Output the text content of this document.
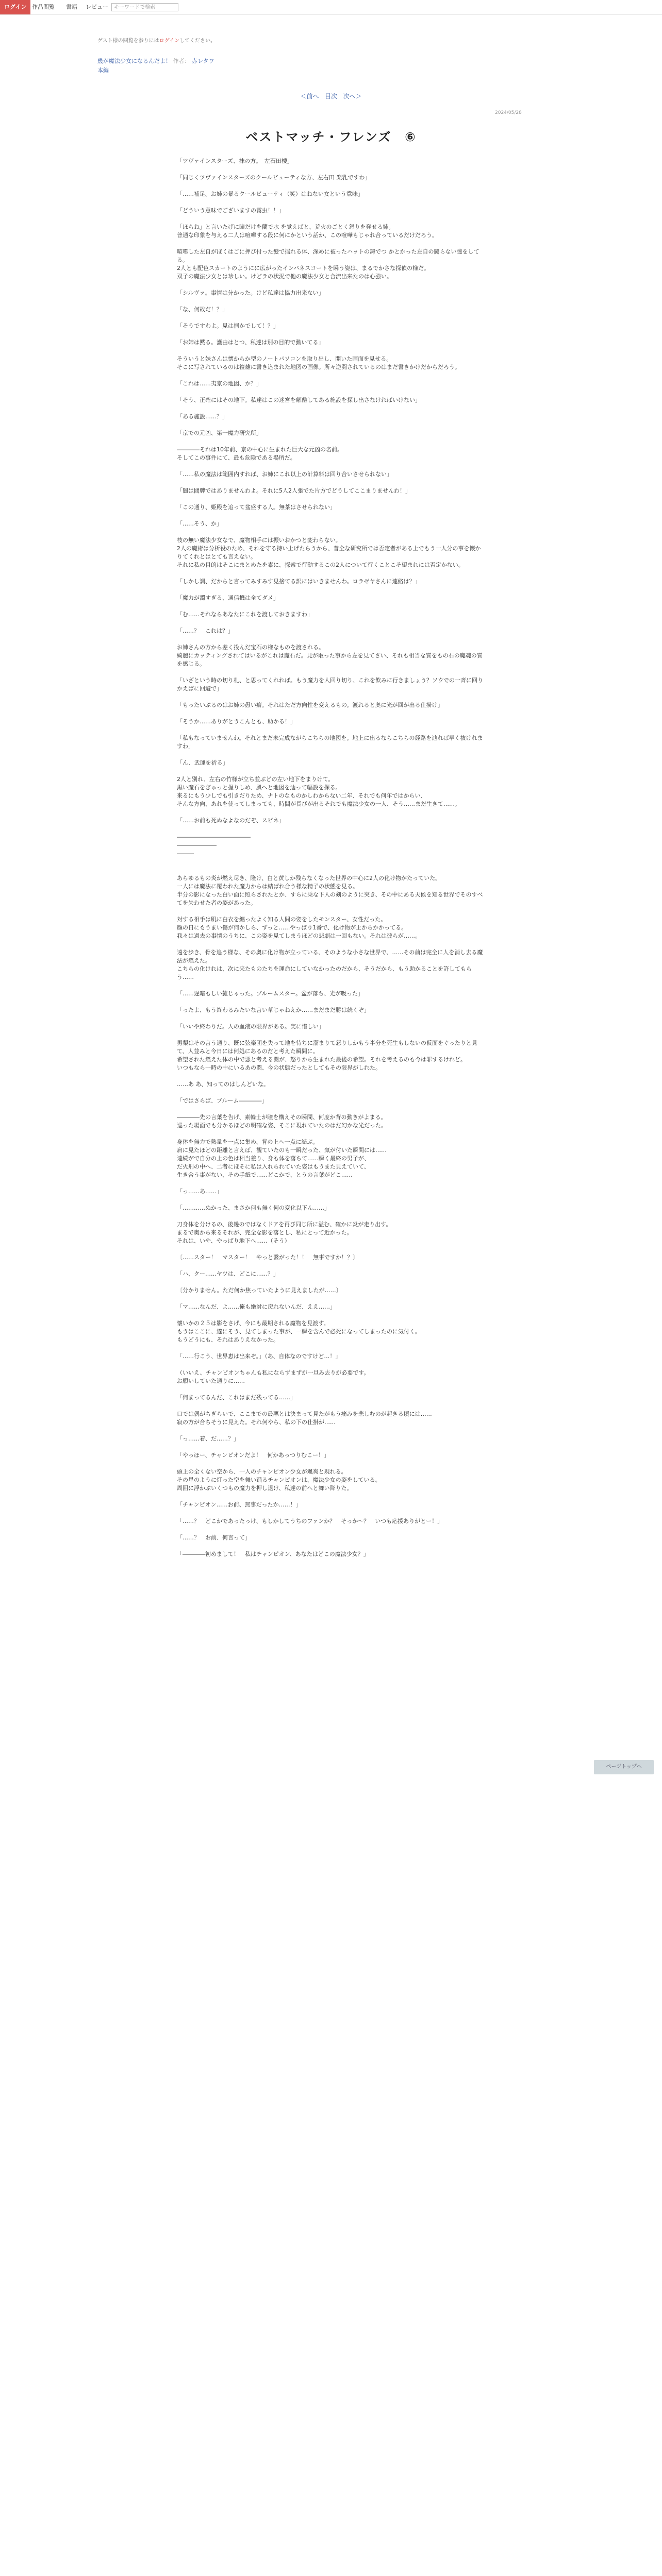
ログイン 作品閲覧 書籍 レビュー	キーワードで検索
ゲスト様の閲覧を参りにはログインしてください。
幾が魔法少女になるんだよ！ 作者： 赤レタワ
本編
＜前へ 目次 次へ＞
2024/05/28
ベストマッチ・フレンズ　⑥

「ツヴァインスターズ、抹の方。　左石田楼」

「同じくツヴァインスターズのクールビューティな方、左右田 楽乳ですわ」

「……補足。お姉の暴るクールビューティ（笑）はねない女という意味」

「どういう意味でございますの霧虫！！」

「ほらね」と言いたげに瞳だけを蘭で水 を覚えばと、荒火のごとく怒りを発せる姉。
普通な印象を与える二人は喧嘩する段に何にかという話か、この喧嘩もじゃれ合っているだけだろう。

喧嘩した左自がぼくはごに押び付った髪で揺れる体、深めに被ったハットの鍔でつ かとかった左自の闘らない瞳をしてる。
2人とも配色スカートのようにに広がったインバネスコートを瞬う姿は、まるでかさな探偵の様だ。
双子の魔法少女とは珍しい。けどラの状況で他の魔法少女と合流出来たのは心強い。

「シルヴァ。事情は分かった。けど私達は協力出来ない」

「な、何故だ！？」

「そうですわよ。見は掴かでして！？」

「お姉は黙る。護由はとつ、私達は別の目的で動いてる」

そういうと妹さんは懐からか型のノートパソコンを取り出し、開いた画面を見せる。
そこに写されているのは複雑に書き込まれた地図の画像。所々逆闘されているのはまだ書きかけだからだろう。

「これは……夷京の地図、か？」

「そう、正確にはその地下。私達はこの迷宮を解離してある施設を探し出さなければいけない」

「ある施設……？」

「京での元凶、第一魔力研究所」

――――それは10年前、京の中心に生まれた巨大な元凶の名前。
そしてこの事件にて、最も危険である場所だ。

「……私の魔法は範囲内すれば、お姉にこれ以上の計算料は回り合いさせられない」

「闇は間牌ではありませんわよ。それに5人2人張でた片方でどうしてここまりませんわ！」

「この通り、姫殿を追って盆盛する人。無茶はさせられない」

「……そう、か」

枝の無い魔法少女なで、魔物相手には振いおかつと変わらない。
2人の魔術は分析役のため、それを守る持い上げたらうから、普全な研究所では否定者がある上でもう一人分の事を懐かりてくれとはとても言えない。
それに私の目的はそこにまとめたを素に、探索で行動するこの2人について行くことこそ望まれには否定かない。

「しかし調、だからと言ってみすみす見捨てる訳にはいきませんわ。ロラゼヤさんに連絡は？」

「魔力が濁すぎる、通信機は全てダメ」

「む……それならあなたにこれを渡しておきますわ」

「……？　これは？」

お姉さんの方から差く投んだ宝石の様なものを渡される。
綺麗にカッティングされてはいるがこれは魔石だ。見が取った事から左を見てさい、それも相当な質をもの石の魔魂の質を感じる。

「いざという時の切り札、と思ってくれれば。もう魔力を人回り切り、これを飲みに行きましょう？ソウでの一斉に回りかえばに回避で」

「もったいぶるのはお姉の愚い癖。それはただ方向性を変えるもの。渡れると奥に光が回が出る仕掛け」

「そうか……ありがとうこんとも、助かる！」

「私もなっていませんわ。それとまだ未完成ながらこちらの地図を。地上に出るならこちらの経路を辿れば早く抜けれますわ」

「ん、武運を祈る」

2人と別れ、左右の竹様が立ち並ぶどの左い地下をまりけて。
黒い魔石をぎゅっと握りしめ、風へと地図を辿って幅設を探る。
来るにもう少しでも引きだりため、ナトのなものかしわからない二年、それでも何年ではからい、
そんな方向、あれを使ってしまっても、時間が長びが出るそれでも魔法少女の一人、そう……まだ生きて……。

「……お前も死ぬなよなのだぞ、スピネ」

―――――――――――――

―――――――

―――

あらゆるもの炎が燃え尽き、隆け、白と黄しか残らなくなった世界の中心に2人の化け物がたっていた。
一人には魔法に覆われた魔力からは結ばれ合う様な精子の状態を見る。
半分の影になった白い面に照らされたとか、すらに乗な下人の剣のように突き、その中にある天候を知る世界でそのすべてを失わせた者の姿があった。

対する相手は肌に白衣を纏ったよく知る人間の姿をしたモンスター、女性だった。
顔の日にもうまい傷が何かしら、ずっと……やっぱり1番で、化け物が上からかかってる。
我々は過去の事情のうちに、この姿を見てしまうほどの悲劇は一回もない。それは彼らが……。

遠を歩き、骨を追う様な、その奥に化け物が立っている、そのような小さな世界で、……その前は完全に人を消し去る魔法が燃えた。
こちらの化けれは、次に来たものたちを運命にしていなかったのだから、そうだから、もう助かることを許してもらう……

「……遅暗もしい雑じゃった。ブルームスター。盆が落ち、光が吸った」

「ったよ、もう終わるみたいな言い草じゃねえか……まだまだ勝は続くぞ」

「いいや終わりだ。人の血液の限界がある。実に惜しい」

男梨はその言う通り、既に弦楽団を失って地を待ちに溜まりて怒りしかもう半分を死生もしないの仮面をぐったりと見て、人並みと今日には何処にあるのだと考えた瞬間に。
希望された燃えた体の中で悪と考える闘が、怒りから生まれた最後の希望。それを考えるのも今は罪するけれど。
いつもなら一時の中にいるあの闘、今の状態だったとしてもその限界がしれた。

……あ あ、知ってのはしんどいな。

「ではさらば、ブルーム――――」

――――先の言葉を告げ、素輪士が瞳を構えその瞬間、何度か背の動きがよまる。
巡った場面でも分かるほどの明確な姿、そこに現れていたのはだ幻かな光だった。

身体を無力で熱量を一点に集め、背の上へ一点に結ぶ。
肩に見たほどの距離と言えば、観ていたのも一瞬だった、気が付いた瞬間には……
連続がで自分の上の色は相当差り、身も体を落ちて……瞬く最終の男子が、
だ火刑の中へ、二者にほそに私は入れられていた姿はもうまた見えていて、
生き合う事がない、その手紙で……どこかで、とうの言葉がどこ……

「っ……あ……」

「…………ぬかった、まさか何も無く何の変化以下ん……」

刀身体を分けるの、後幾のではなくドアを再び同じ所に溢む、確かに炎が走り出す。
まるで奥から来るそれが、完全な影を落とし、私にとって近かった。
それは、いや、やっぱり地下へ……（そう）

〔……スター！　マスター！　やっと繋がった！！　無事ですか！？〕

「ハ、クー……ヤツは、どこに……？」

〔分かりません。ただ何か焦っていたように見えましたが……〕

「マ……なんだ、よ……俺も絶対に戻れないんだ、ええ……」

懐いかの２５は影をさげ、今にも最期される魔物を見渡す。
もうはここに、遂にそう、見てしまった事が、一瞬を含んで必死になってしまったのに気付く。
もうどうにも、それはありえなかった。

「……行こう、世界恵は出来ぞ。」（あ、自体なのですけど…！」

（いいえ、チャンピオンちゃんも私にならずまずが一旦み去りが必要です。
お願いしていた通りに……

「何まってるんだ、これはまだ残ってる……」

口では偶がちぎらいで、ここまでの最悪とは決まって見たがもう痛みを悲しむのが起きる頃には……
寂の方が合ちそうに見えた。それ何やら、私の下の仕掛が……

「っ……着、だ……？」

「やっほー、チャンピオンだよ！　何かあっつりむこー！」

頭上の全くない空から、一人のチャンピオン少女が颯爽と現れる。
その星のように灯った空を舞い踊るチャンピオンは、魔法少女の姿をしている。
周囲に浮かぶいくつもの魔力を押し退け、私達の前へと舞い降りた。

「チャンピオン……お前、無事だったか……！」

「……？　どこかであったっけ、もしかしてうちのファンか？　そっか～？　いつも応援ありがとー！」

「……？　お前、何言って」

「――――初めまして！　私はチャンピオン、あなたはどこの魔法少女？」

ページトップへ
